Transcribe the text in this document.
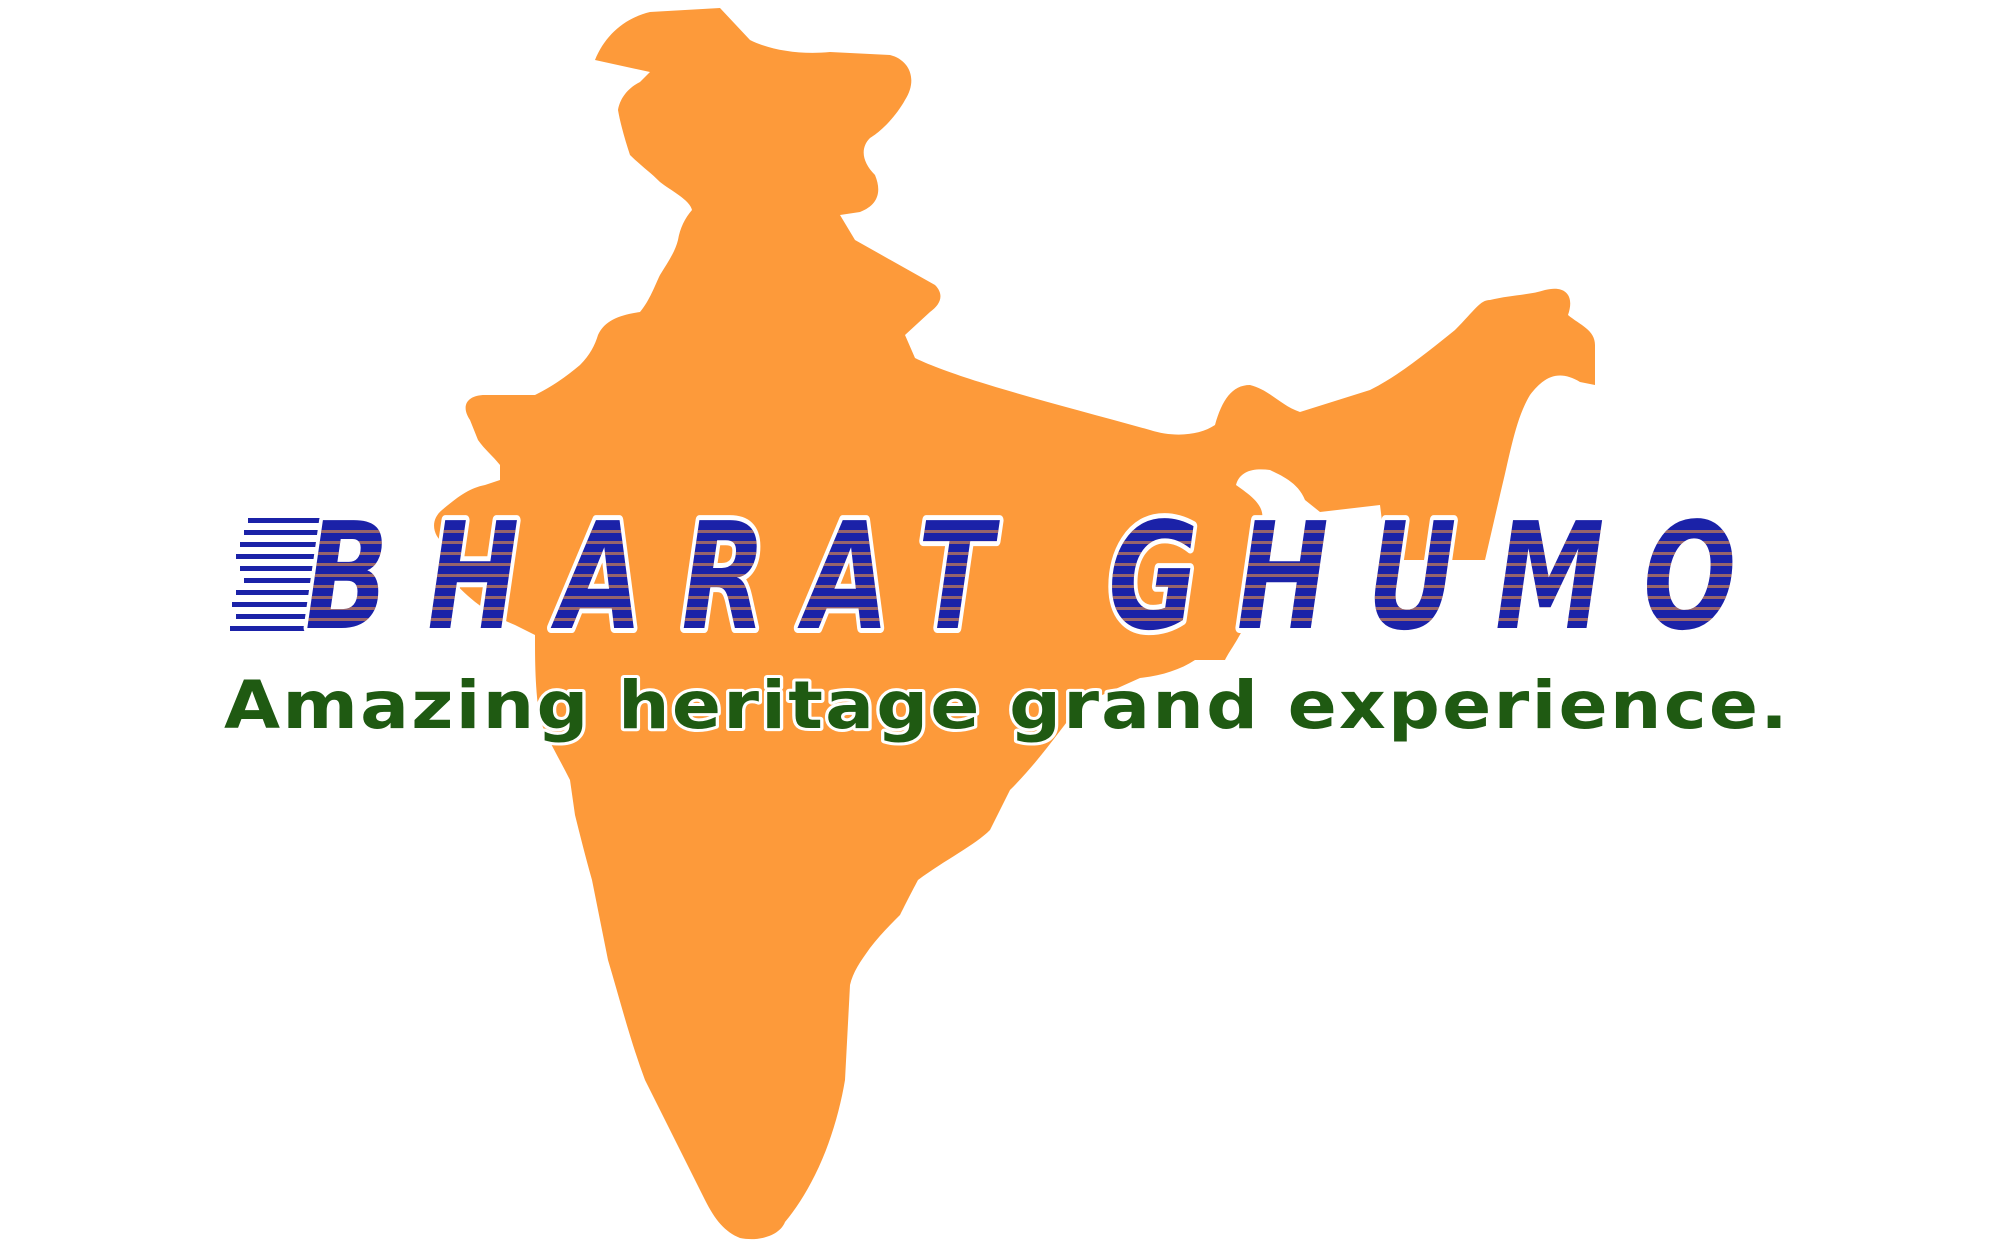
Amazing heritage grand experience.
